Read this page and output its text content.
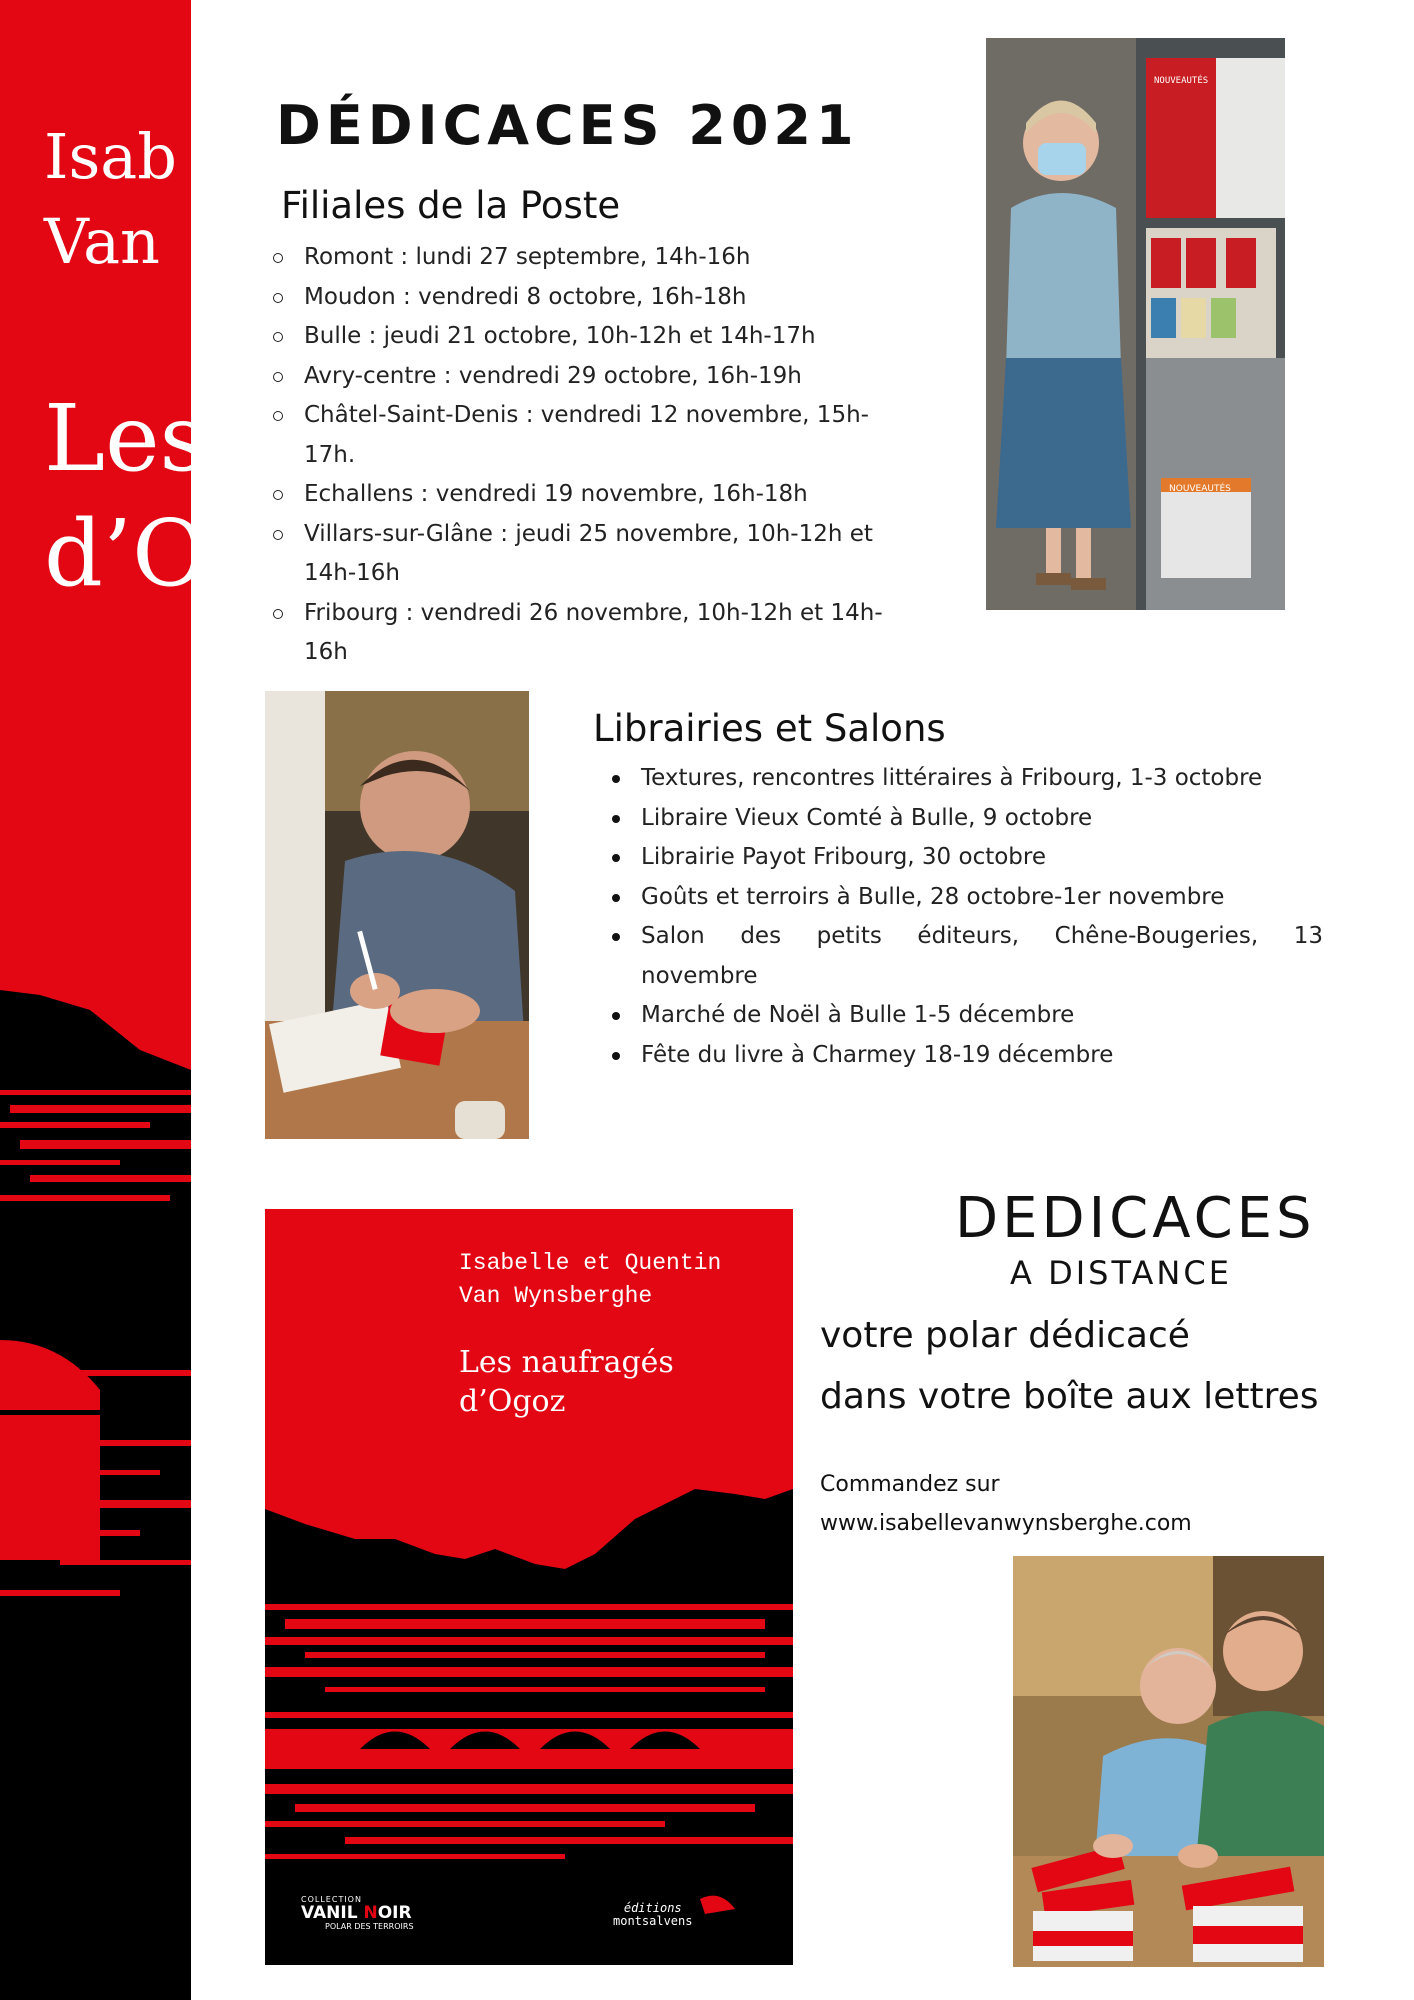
Isab
Van
Les
d’O
DÉDICACES 2021
Filiales de la Poste
Romont : lundi 27 septembre, 14h-16h
Moudon : vendredi 8 octobre, 16h-18h
Bulle : jeudi 21 octobre, 10h-12h et 14h-17h
Avry-centre : vendredi 29 octobre, 16h-19h
Châtel-Saint-Denis : vendredi 12 novembre, 15h-17h.
Echallens : vendredi 19 novembre, 16h-18h
Villars-sur-Glâne : jeudi 25 novembre, 10h-12h et 14h-16h
Fribourg : vendredi 26 novembre, 10h-12h et 14h-16h
NOUVEAUTÉS
NOUVEAUTÉS
Librairies et Salons
Textures, rencontres littéraires à Fribourg, 1-3 octobre
Libraire Vieux Comté à Bulle, 9 octobre
Librairie Payot Fribourg, 30 octobre
Goûts et terroirs à Bulle, 28 octobre-1er novembre
Salon des petits éditeurs, Chêne-Bougeries, 13 novembre
Marché de Noël à Bulle 1-5 décembre
Fête du livre à Charmey 18-19 décembre
Isabelle et Quentin
Van Wynsberghe
Les naufragés
d’Ogoz
COLLECTION
VANIL NOIR
POLAR DES TERROIRS
éditions
montsalvens
DEDICACES
A DISTANCE
votre polar dédicacé
dans votre boîte aux lettres
Commandez sur
www.isabellevanwynsberghe.com
